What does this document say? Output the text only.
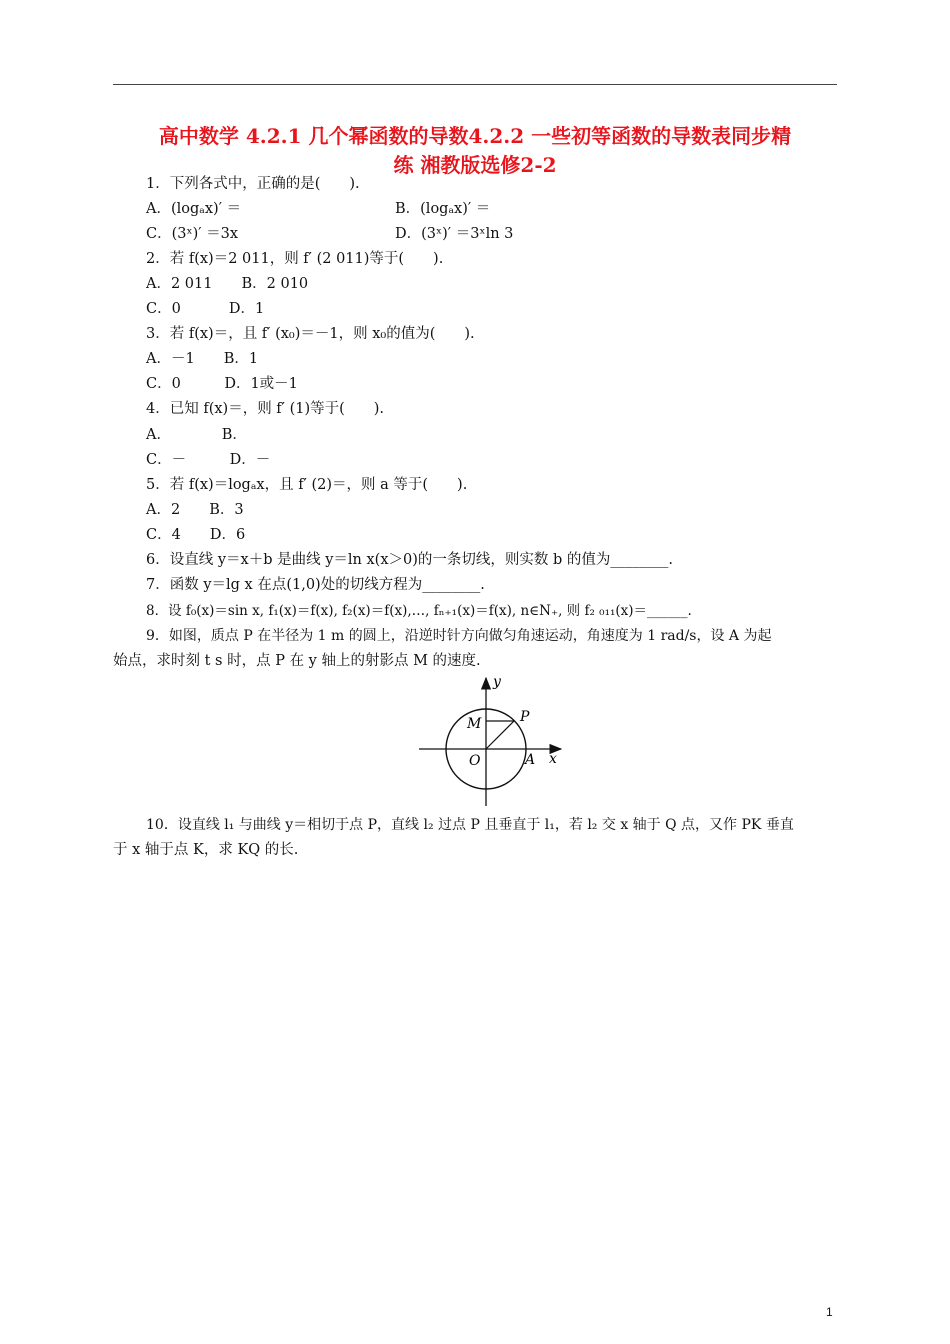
高中数学 4.2.1 几个幂函数的导数4.2.2 一些初等函数的导数表同步精
练 湘教版选修2-2
1．下列各式中，正确的是(　　).
A．(logₐx)′ ＝	B．(logₐx)′ ＝
C．(3ˣ)′ ＝3x	D．(3ˣ)′ ＝3ˣln 3
2．若 f(x)＝2 011，则 f′ (2 011)等于(　　).
A．2 011　　B．2 010
C．0　　　 D．1
3．若 f(x)＝，且 f′ (x₀)＝－1，则 x₀的值为(　　).
A．－1　　B．1
C．0　　　D．1或－1
4．已知 f(x)＝，则 f′ (1)等于(　　).
A．　　　　B．
C．－　　　D．－
5．若 f(x)＝logₐx，且 f′ (2)＝，则 a 等于(　　).
A．2　　B．3
C．4　　D．6
6．设直线 y＝x＋b 是曲线 y＝ln x(x＞0)的一条切线，则实数 b 的值为________.
7．函数 y＝lg x 在点(1,0)处的切线方程为________.
8．设 f₀(x)＝sin x, f₁(x)＝f(x), f₂(x)＝f(x),…, fₙ₊₁(x)＝f(x), n∈N₊, 则 f₂ ₀₁₁(x)＝______.
9．如图，质点 P 在半径为 1 m 的圆上，沿逆时针方向做匀角速运动，角速度为 1 rad/s，设 A 为起
始点，求时刻 t s 时，点 P 在 y 轴上的射影点 M 的速度.
y
x
O	A
M	P
10．设直线 l₁ 与曲线 y＝相切于点 P，直线 l₂ 过点 P 且垂直于 l₁，若 l₂ 交 x 轴于 Q 点，又作 PK 垂直
于 x 轴于点 K，求 KQ 的长.
1
